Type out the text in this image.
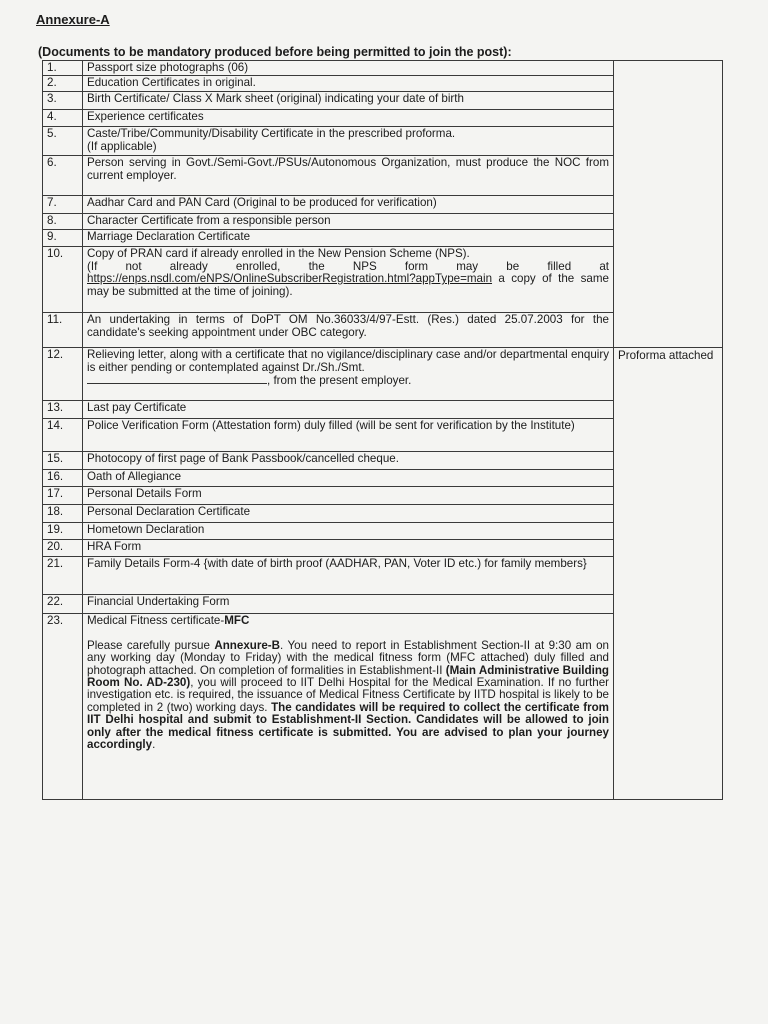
Annexure-A
(Documents to be mandatory produced before being permitted to join the post):
1.	Passport size photographs (06)	
2.	Education Certificates in original.	
3.	Birth Certificate/ Class X Mark sheet (original) indicating your date of birth	
4.	Experience certificates	
5.	Caste/Tribe/Community/Disability Certificate in the prescribed proforma.
(If applicable)	
6.	Person serving in Govt./Semi-Govt./PSUs/Autonomous Organization, must produce the NOC from current employer.	
7.	Aadhar Card and PAN Card (Original to be produced for verification)	
8.	Character Certificate from a responsible person	
9.	Marriage Declaration Certificate	
10.	Copy of PRAN card if already enrolled in the New Pension Scheme (NPS).
(If not already enrolled, the NPS form may be filled at https://enps.nsdl.com/eNPS/OnlineSubscriberRegistration.html?appType=main a copy of the same may be submitted at the time of joining).	
11.	An undertaking in terms of DoPT OM No.36033/4/97-Estt. (Res.) dated 25.07.2003 for the candidate's seeking appointment under OBC category.	
12.	Relieving letter, along with a certificate that no vigilance/disciplinary case and/or departmental enquiry is either pending or contemplated against Dr./Sh./Smt.
, from the present employer.	Proforma attached
13.	Last pay Certificate	
14.	Police Verification Form (Attestation form) duly filled (will be sent for verification by the Institute)	
15.	Photocopy of first page of Bank Passbook/cancelled cheque.	
16.	Oath of Allegiance	
17.	Personal Details Form	
18.	Personal Declaration Certificate	
19.	Hometown Declaration	
20.	HRA Form	
21.	Family Details Form-4 {with date of birth proof (AADHAR, PAN, Voter ID etc.) for family members}	
22.	Financial Undertaking Form	
23.	Medical Fitness certificate-MFC
Please carefully pursue Annexure-B. You need to report in Establishment Section-II at 9:30 am on any working day (Monday to Friday) with the medical fitness form (MFC attached) duly filled and photograph attached. On completion of formalities in Establishment-II (Main Administrative Building Room No. AD-230), you will proceed to IIT Delhi Hospital for the Medical Examination. If no further investigation etc. is required, the issuance of Medical Fitness Certificate by IITD hospital is likely to be completed in 2 (two) working days. The candidates will be required to collect the certificate from IIT Delhi hospital and submit to Establishment-II Section. Candidates will be allowed to join only after the medical fitness certificate is submitted. You are advised to plan your journey accordingly.	
